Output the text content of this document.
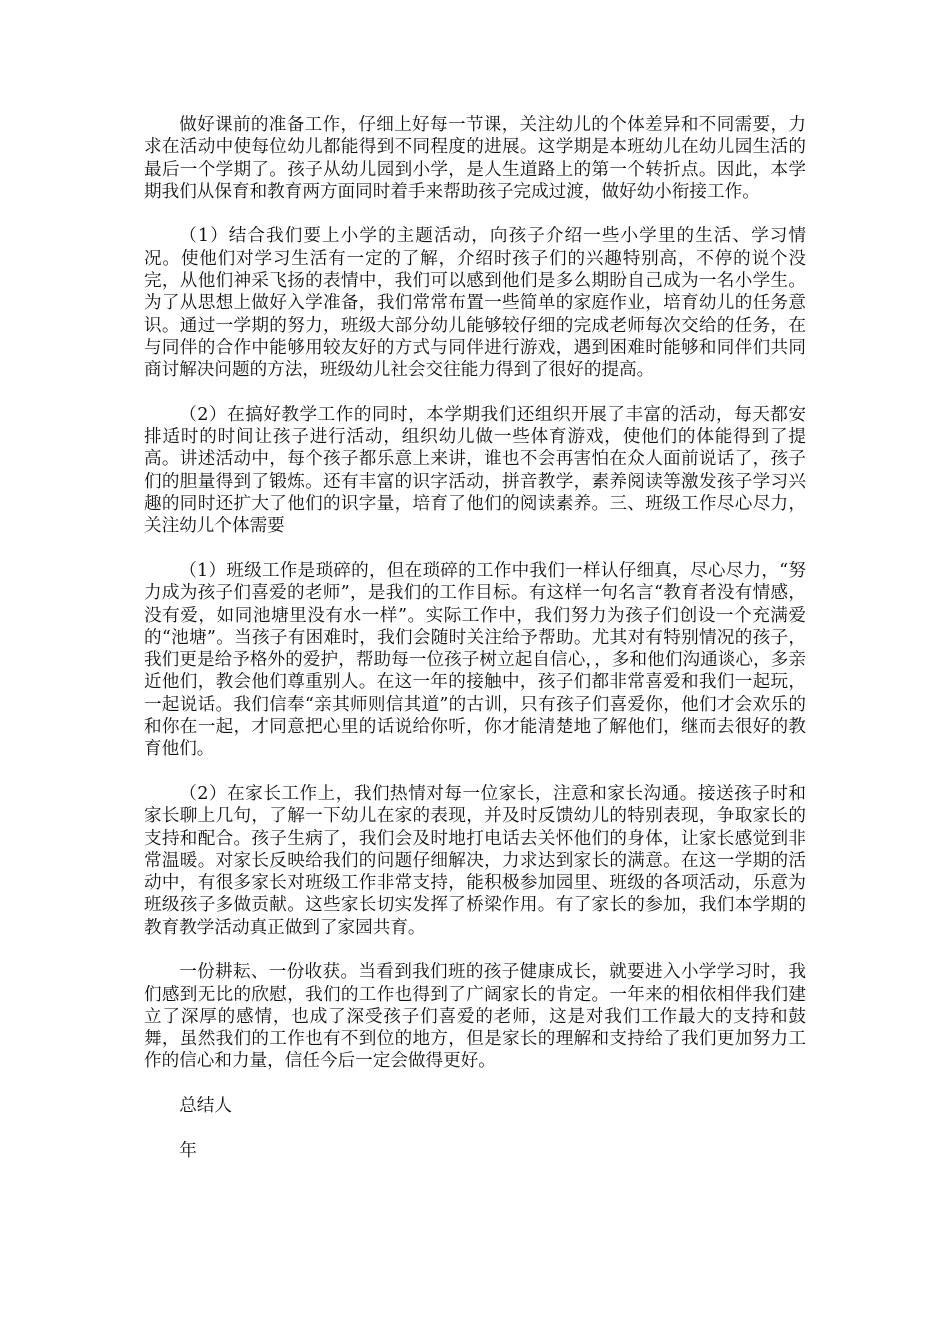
做好课前的准备工作，仔细上好每一节课，关注幼儿的个体差异和不同需要，力求在活动中使每位幼儿都能得到不同程度的进展。这学期是本班幼儿在幼儿园生活的最后一个学期了。孩子从幼儿园到小学，是人生道路上的第一个转折点。因此，本学期我们从保育和教育两方面同时着手来帮助孩子完成过渡，做好幼小衔接工作。

（1）结合我们要上小学的主题活动，向孩子介绍一些小学里的生活、学习情况。使他们对学习生活有一定的了解，介绍时孩子们的兴趣特别高，不停的说个没完，从他们神采飞扬的表情中，我们可以感到他们是多么期盼自己成为一名小学生。为了从思想上做好入学准备，我们常常布置一些简单的家庭作业，培育幼儿的任务意识。通过一学期的努力，班级大部分幼儿能够较仔细的完成老师每次交给的任务，在与同伴的合作中能够用较友好的方式与同伴进行游戏，遇到困难时能够和同伴们共同商讨解决问题的方法，班级幼儿社会交往能力得到了很好的提高。

（2）在搞好教学工作的同时，本学期我们还组织开展了丰富的活动，每天都安排适时的时间让孩子进行活动，组织幼儿做一些体育游戏，使他们的体能得到了提高。讲述活动中，每个孩子都乐意上来讲，谁也不会再害怕在众人面前说话了，孩子们的胆量得到了锻炼。还有丰富的识字活动，拼音教学，素养阅读等激发孩子学习兴趣的同时还扩大了他们的识字量，培育了他们的阅读素养。三、班级工作尽心尽力，关注幼儿个体需要

（1）班级工作是琐碎的，但在琐碎的工作中我们一样认仔细真，尽心尽力，“努力成为孩子们喜爱的老师”，是我们的工作目标。有这样一句名言“教育者没有情感，没有爱，如同池塘里没有水一样”。实际工作中，我们努力为孩子们创设一个充满爱的“池塘”。当孩子有困难时，我们会随时关注给予帮助。尤其对有特别情况的孩子，我们更是给予格外的爱护，帮助每一位孩子树立起自信心，，多和他们沟通谈心，多亲近他们，教会他们尊重别人。在这一年的接触中，孩子们都非常喜爱和我们一起玩，一起说话。我们信奉“亲其师则信其道”的古训，只有孩子们喜爱你，他们才会欢乐的和你在一起，才同意把心里的话说给你听，你才能清楚地了解他们，继而去很好的教育他们。

（2）在家长工作上，我们热情对每一位家长，注意和家长沟通。接送孩子时和家长聊上几句，了解一下幼儿在家的表现，并及时反馈幼儿的特别表现，争取家长的支持和配合。孩子生病了，我们会及时地打电话去关怀他们的身体，让家长感觉到非常温暖。对家长反映给我们的问题仔细解决，力求达到家长的满意。在这一学期的活动中，有很多家长对班级工作非常支持，能积极参加园里、班级的各项活动，乐意为班级孩子多做贡献。这些家长切实发挥了桥梁作用。有了家长的参加，我们本学期的教育教学活动真正做到了家园共育。

一份耕耘、一份收获。当看到我们班的孩子健康成长，就要进入小学学习时，我们感到无比的欣慰，我们的工作也得到了广阔家长的肯定。一年来的相依相伴我们建立了深厚的感情，也成了深受孩子们喜爱的老师，这是对我们工作最大的支持和鼓舞，虽然我们的工作也有不到位的地方，但是家长的理解和支持给了我们更加努力工作的信心和力量，信任今后一定会做得更好。

总结人

年
